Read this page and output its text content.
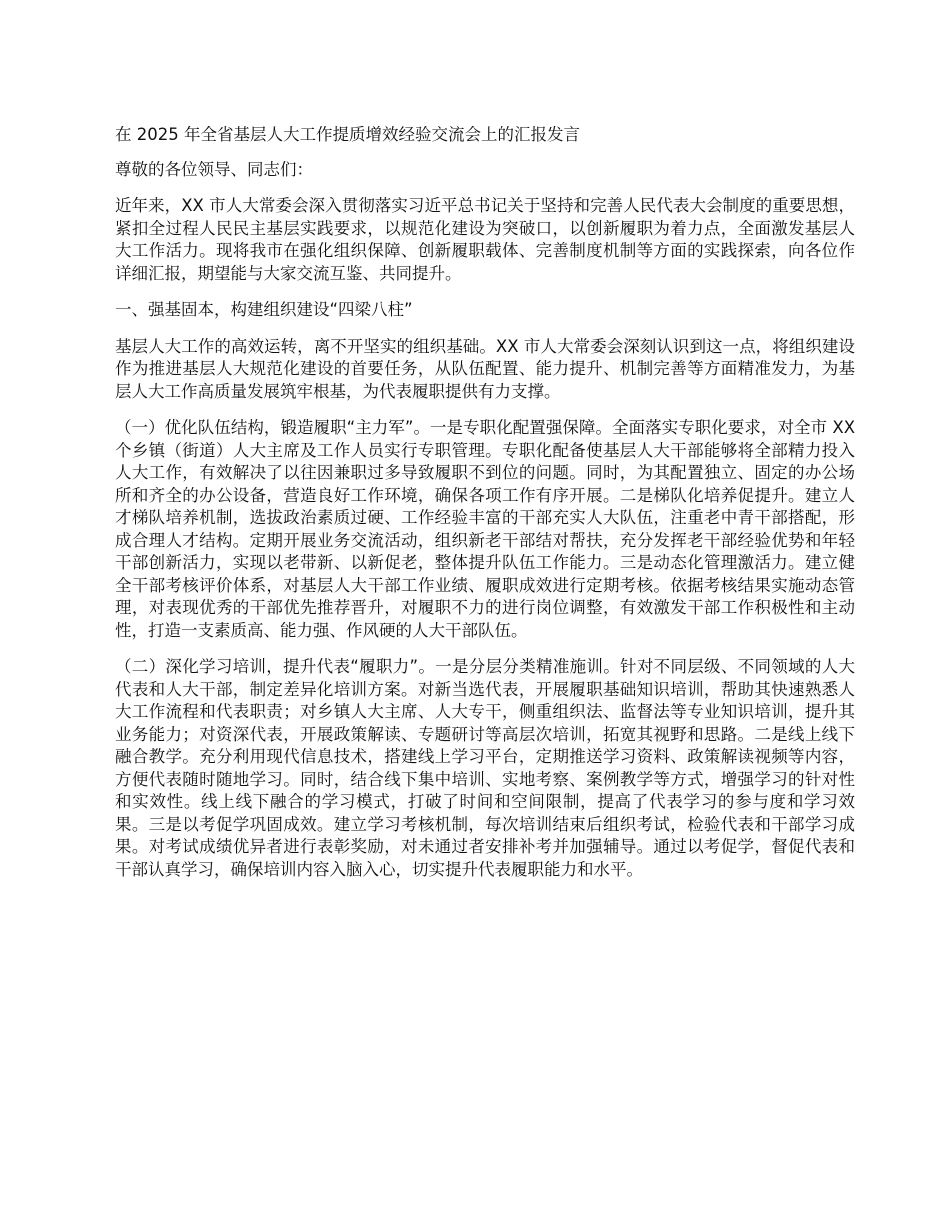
在 2025 年全省基层人大工作提质增效经验交流会上的汇报发言

尊敬的各位领导、同志们：

近年来，XX 市人大常委会深入贯彻落实习近平总书记关于坚持和完善人民代表大会制度的重要思想，紧扣全过程人民民主基层实践要求，以规范化建设为突破口，以创新履职为着力点，全面激发基层人大工作活力。现将我市在强化组织保障、创新履职载体、完善制度机制等方面的实践探索，向各位作详细汇报，期望能与大家交流互鉴、共同提升。

一、强基固本，构建组织建设“四梁八柱”

基层人大工作的高效运转，离不开坚实的组织基础。XX 市人大常委会深刻认识到这一点，将组织建设作为推进基层人大规范化建设的首要任务，从队伍配置、能力提升、机制完善等方面精准发力，为基层人大工作高质量发展筑牢根基，为代表履职提供有力支撑。

（一）优化队伍结构，锻造履职“主力军”。一是专职化配置强保障。全面落实专职化要求，对全市 XX 个乡镇（街道）人大主席及工作人员实行专职管理。专职化配备使基层人大干部能够将全部精力投入人大工作，有效解决了以往因兼职过多导致履职不到位的问题。同时，为其配置独立、固定的办公场所和齐全的办公设备，营造良好工作环境，确保各项工作有序开展。二是梯队化培养促提升。建立人才梯队培养机制，选拔政治素质过硬、工作经验丰富的干部充实人大队伍，注重老中青干部搭配，形成合理人才结构。定期开展业务交流活动，组织新老干部结对帮扶，充分发挥老干部经验优势和年轻干部创新活力，实现以老带新、以新促老，整体提升队伍工作能力。三是动态化管理激活力。建立健全干部考核评价体系，对基层人大干部工作业绩、履职成效进行定期考核。依据考核结果实施动态管理，对表现优秀的干部优先推荐晋升，对履职不力的进行岗位调整，有效激发干部工作积极性和主动性，打造一支素质高、能力强、作风硬的人大干部队伍。

（二）深化学习培训，提升代表“履职力”。一是分层分类精准施训。针对不同层级、不同领域的人大代表和人大干部，制定差异化培训方案。对新当选代表，开展履职基础知识培训，帮助其快速熟悉人大工作流程和代表职责；对乡镇人大主席、人大专干，侧重组织法、监督法等专业知识培训，提升其业务能力；对资深代表，开展政策解读、专题研讨等高层次培训，拓宽其视野和思路。二是线上线下融合教学。充分利用现代信息技术，搭建线上学习平台，定期推送学习资料、政策解读视频等内容，方便代表随时随地学习。同时，结合线下集中培训、实地考察、案例教学等方式，增强学习的针对性和实效性。线上线下融合的学习模式，打破了时间和空间限制，提高了代表学习的参与度和学习效果。三是以考促学巩固成效。建立学习考核机制，每次培训结束后组织考试，检验代表和干部学习成果。对考试成绩优异者进行表彰奖励，对未通过者安排补考并加强辅导。通过以考促学，督促代表和干部认真学习，确保培训内容入脑入心，切实提升代表履职能力和水平。
